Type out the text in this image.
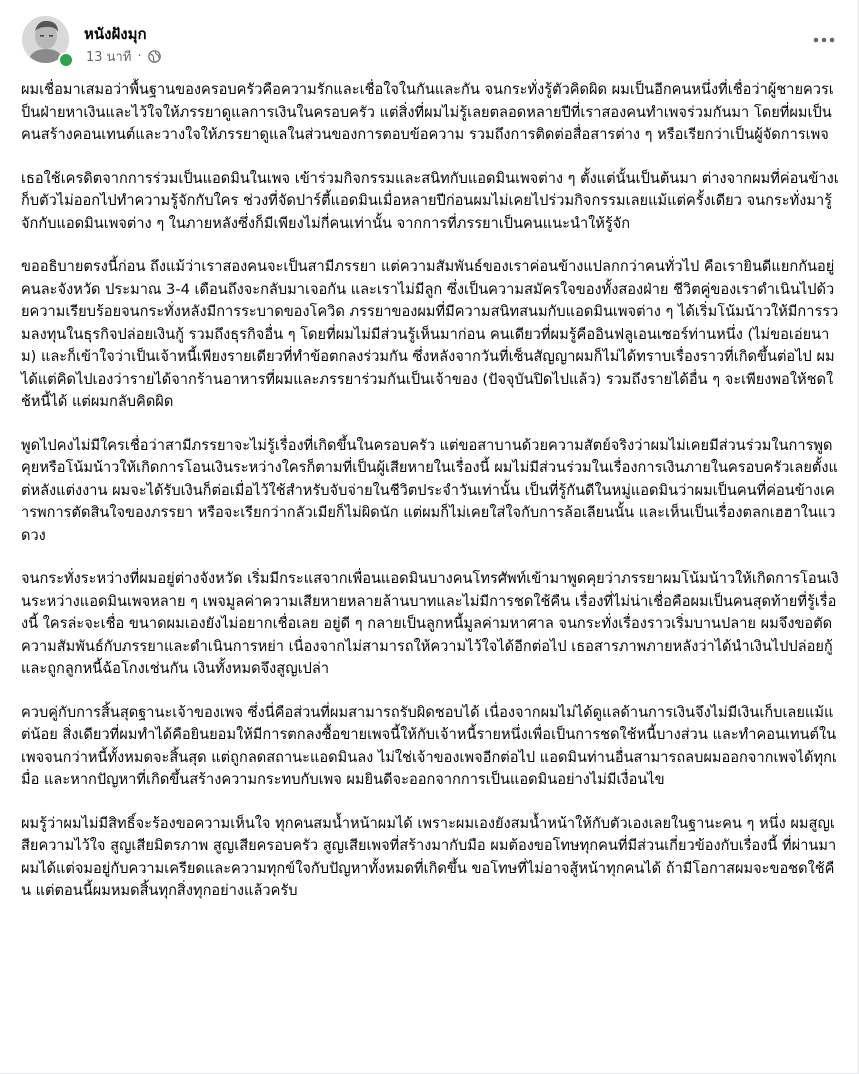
หนังฝังมุก
13 นาที ·

ผมเชื่อมาเสมอว่าพื้นฐานของครอบครัวคือความรักและเชื่อใจในกันและกัน จนกระทั่งรู้ตัวคิดผิด ผมเป็นอีกคนหนึ่งที่เชื่อว่าผู้ชายควรเป็นฝ่ายหาเงินและไว้ใจให้ภรรยาดูแลการเงินในครอบครัว แต่สิ่งที่ผมไม่รู้เลยตลอดหลายปีที่เราสองคนทำเพจร่วมกันมา โดยที่ผมเป็นคนสร้างคอนเทนต์และวางใจให้ภรรยาดูแลในส่วนของการตอบข้อความ รวมถึงการติดต่อสื่อสารต่าง ๆ หรือเรียกว่าเป็นผู้จัดการเพจ

เธอใช้เครดิตจากการร่วมเป็นแอดมินในเพจ เข้าร่วมกิจกรรมและสนิทกับแอดมินเพจต่าง ๆ ตั้งแต่นั้นเป็นต้นมา ต่างจากผมที่ค่อนข้างเก็บตัวไม่ออกไปทำความรู้จักกับใคร ช่วงที่จัดปาร์ตี้แอดมินเมื่อหลายปีก่อนผมไม่เคยไปร่วมกิจกรรมเลยแม้แต่ครั้งเดียว จนกระทั่งมารู้จักกับแอดมินเพจต่าง ๆ ในภายหลังซึ่งก็มีเพียงไม่กี่คนเท่านั้น จากการที่ภรรยาเป็นคนแนะนำให้รู้จัก

ขออธิบายตรงนี้ก่อน ถึงแม้ว่าเราสองคนจะเป็นสามีภรรยา แต่ความสัมพันธ์ของเราค่อนข้างแปลกกว่าคนทั่วไป คือเรายินดีแยกกันอยู่คนละจังหวัด ประมาณ 3-4 เดือนถึงจะกลับมาเจอกัน และเราไม่มีลูก ซึ่งเป็นความสมัครใจของทั้งสองฝ่าย ชีวิตคู่ของเราดำเนินไปด้วยความเรียบร้อยจนกระทั่งหลังมีการระบาดของโควิด ภรรยาของผมที่มีความสนิทสนมกับแอดมินเพจต่าง ๆ ได้เริ่มโน้มน้าวให้มีการรวมลงทุนในธุรกิจปล่อยเงินกู้ รวมถึงธุรกิจอื่น ๆ โดยที่ผมไม่มีส่วนรู้เห็นมาก่อน คนเดียวที่ผมรู้คืออินฟลูเอนเซอร์ท่านหนึ่ง (ไม่ขอเอ่ยนาม) และก็เข้าใจว่าเป็นเจ้าหนี้เพียงรายเดียวที่ทำข้อตกลงร่วมกัน ซึ่งหลังจากวันที่เซ็นสัญญาผมก็ไม่ได้ทราบเรื่องราวที่เกิดขึ้นต่อไป ผมได้แต่คิดไปเองว่ารายได้จากร้านอาหารที่ผมและภรรยาร่วมกันเป็นเจ้าของ (ปัจจุบันปิดไปแล้ว) รวมถึงรายได้อื่น ๆ จะเพียงพอให้ชดใช้หนี้ได้ แต่ผมกลับคิดผิด

พูดไปคงไม่มีใครเชื่อว่าสามีภรรยาจะไม่รู้เรื่องที่เกิดขึ้นในครอบครัว แต่ขอสาบานด้วยความสัตย์จริงว่าผมไม่เคยมีส่วนร่วมในการพูดคุยหรือโน้มน้าวให้เกิดการโอนเงินระหว่างใครก็ตามที่เป็นผู้เสียหายในเรื่องนี้ ผมไม่มีส่วนร่วมในเรื่องการเงินภายในครอบครัวเลยตั้งแต่หลังแต่งงาน ผมจะได้รับเงินก็ต่อเมื่อไว้ใช้สำหรับจับจ่ายในชีวิตประจำวันเท่านั้น เป็นที่รู้กันดีในหมู่แอดมินว่าผมเป็นคนที่ค่อนข้างเคารพการตัดสินใจของภรรยา หรือจะเรียกว่ากลัวเมียก็ไม่ผิดนัก แต่ผมก็ไม่เคยใส่ใจกับการล้อเลียนนั้น และเห็นเป็นเรื่องตลกเฮฮาในแวดวง

จนกระทั่งระหว่างที่ผมอยู่ต่างจังหวัด เริ่มมีกระแสจากเพื่อนแอดมินบางคนโทรศัพท์เข้ามาพูดคุยว่าภรรยาผมโน้มน้าวให้เกิดการโอนเงินระหว่างแอดมินเพจหลาย ๆ เพจมูลค่าความเสียหายหลายล้านบาทและไม่มีการชดใช้คืน เรื่องที่ไม่น่าเชื่อคือผมเป็นคนสุดท้ายที่รู้เรื่องนี้ ใครล่ะจะเชื่อ ขนาดผมเองยังไม่อยากเชื่อเลย อยู่ดี ๆ กลายเป็นลูกหนี้มูลค่ามหาศาล จนกระทั่งเรื่องราวเริ่มบานปลาย ผมจึงขอตัดความสัมพันธ์กับภรรยาและดำเนินการหย่า เนื่องจากไม่สามารถให้ความไว้ใจได้อีกต่อไป เธอสารภาพภายหลังว่าได้นำเงินไปปล่อยกู้และถูกลูกหนี้ฉ้อโกงเช่นกัน เงินทั้งหมดจึงสูญเปล่า

ควบคู่กับการสิ้นสุดฐานะเจ้าของเพจ ซึ่งนี่คือส่วนที่ผมสามารถรับผิดชอบได้ เนื่องจากผมไม่ได้ดูแลด้านการเงินจึงไม่มีเงินเก็บเลยแม้แต่น้อย สิ่งเดียวที่ผมทำได้คือยินยอมให้มีการตกลงซื้อขายเพจนี้ให้กับเจ้าหนี้รายหนึ่งเพื่อเป็นการชดใช้หนี้บางส่วน และทำคอนเทนต์ในเพจจนกว่าหนี้ทั้งหมดจะสิ้นสุด แต่ถูกลดสถานะแอดมินลง ไม่ใช่เจ้าของเพจอีกต่อไป แอดมินท่านอื่นสามารถลบผมออกจากเพจได้ทุกเมื่อ และหากปัญหาที่เกิดขึ้นสร้างความกระทบกับเพจ ผมยินดีจะออกจากการเป็นแอดมินอย่างไม่มีเงื่อนไข

ผมรู้ว่าผมไม่มีสิทธิ์จะร้องขอความเห็นใจ ทุกคนสมน้ำหน้าผมได้ เพราะผมเองยังสมน้ำหน้าให้กับตัวเองเลยในฐานะคน ๆ หนึ่ง ผมสูญเสียความไว้ใจ สูญเสียมิตรภาพ สูญเสียครอบครัว สูญเสียเพจที่สร้างมากับมือ ผมต้องขอโทษทุกคนที่มีส่วนเกี่ยวข้องกับเรื่องนี้ ที่ผ่านมาผมได้แต่จมอยู่กับความเครียดและความทุกข์ใจกับปัญหาทั้งหมดที่เกิดขึ้น ขอโทษที่ไม่อาจสู้หน้าทุกคนได้ ถ้ามีโอกาสผมจะขอชดใช้คืน แต่ตอนนี้ผมหมดสิ้นทุกสิ่งทุกอย่างแล้วครับ
